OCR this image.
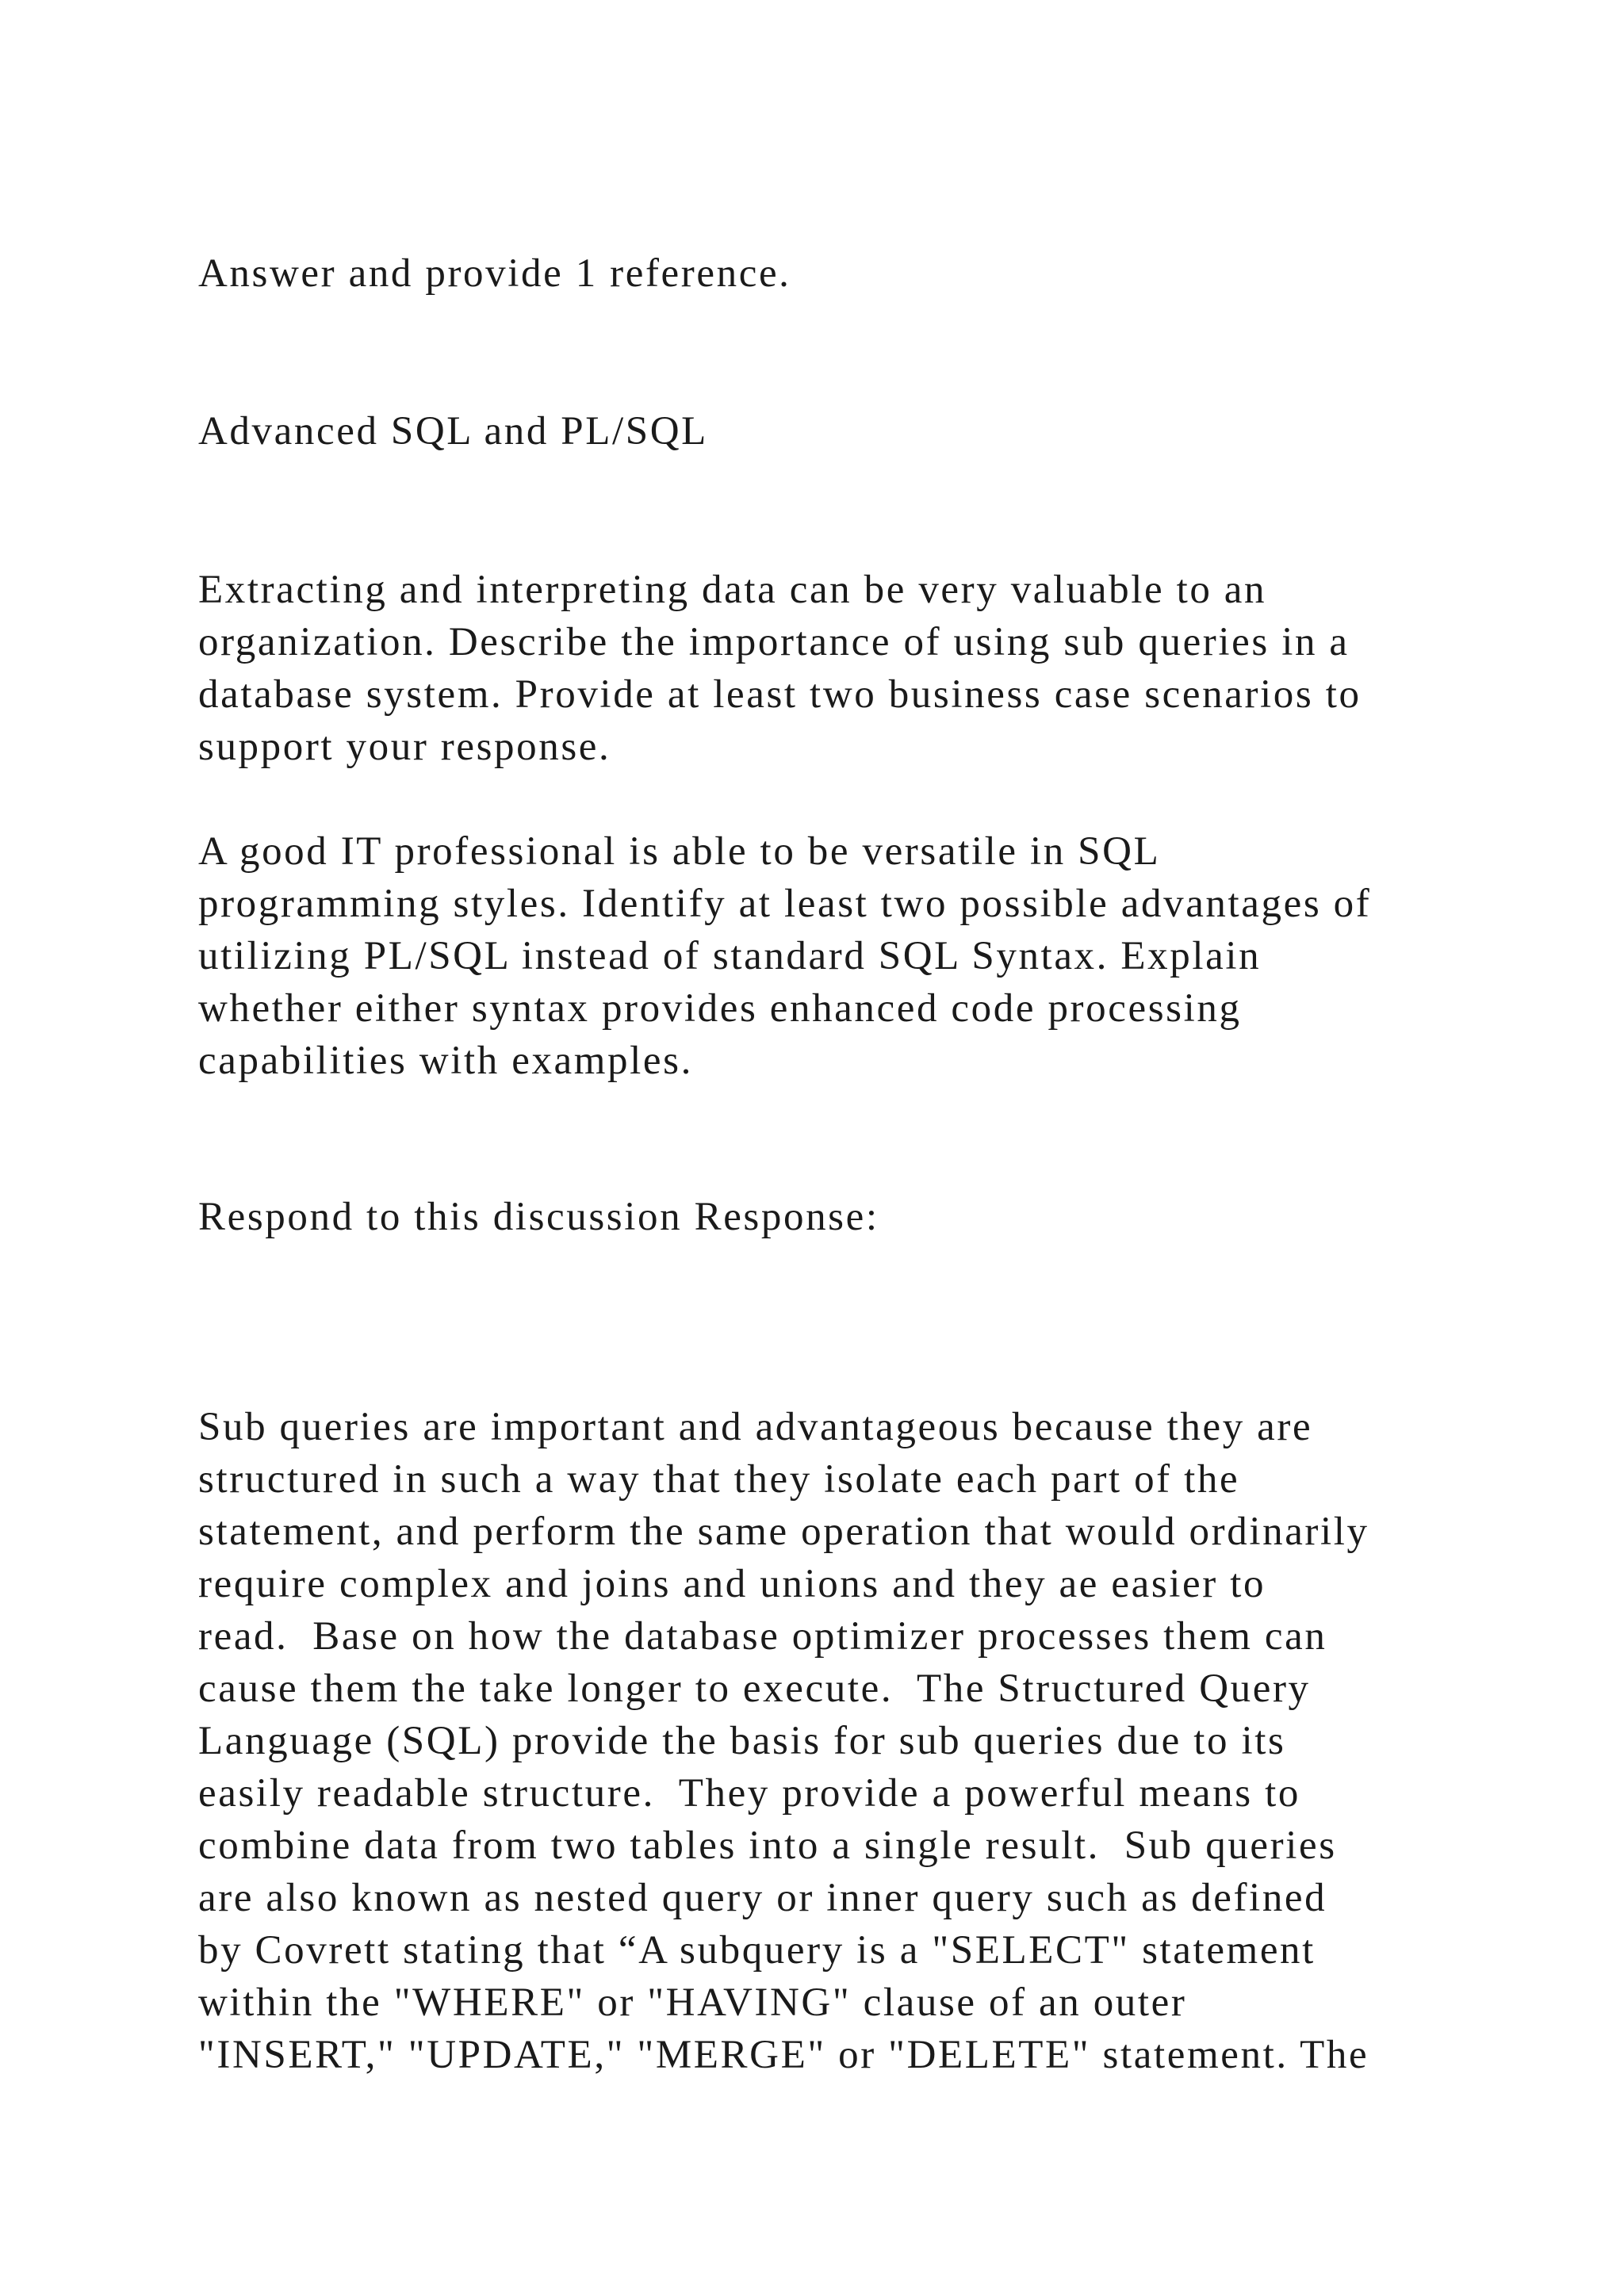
Answer and provide 1 reference.

Advanced SQL and PL/SQL

Extracting and interpreting data can be very valuable to an

organization. Describe the importance of using sub queries in a

database system. Provide at least two business case scenarios to

support your response.

A good IT professional is able to be versatile in SQL

programming styles. Identify at least two possible advantages of

utilizing PL/SQL instead of standard SQL Syntax. Explain

whether either syntax provides enhanced code processing

capabilities with examples.

Respond to this discussion Response:

Sub queries are important and advantageous because they are

structured in such a way that they isolate each part of the

statement, and perform the same operation that would ordinarily

require complex and joins and unions and they ae easier to

read.  Base on how the database optimizer processes them can

cause them the take longer to execute.  The Structured Query

Language (SQL) provide the basis for sub queries due to its

easily readable structure.  They provide a powerful means to

combine data from two tables into a single result.  Sub queries

are also known as nested query or inner query such as defined

by Covrett stating that “A subquery is a "SELECT" statement

within the "WHERE" or "HAVING" clause of an outer

"INSERT," "UPDATE," "MERGE" or "DELETE" statement. The
